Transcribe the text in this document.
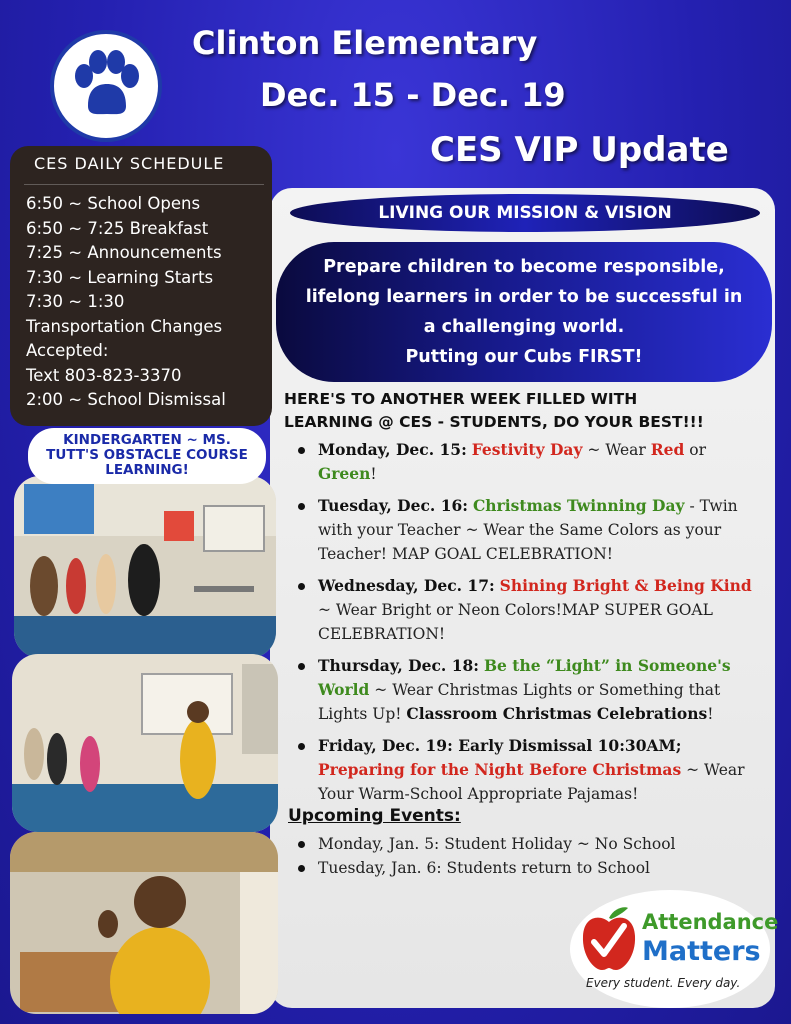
Clinton Elementary
Dec. 15 - Dec. 19
CES VIP Update
LIVING OUR MISSION & VISION
Prepare children to become responsible,
lifelong learners in order to be successful in
a challenging world.
Putting our Cubs FIRST!
HERE'S TO ANOTHER WEEK FILLED WITH
LEARNING @ CES - STUDENTS, DO YOUR BEST!!!
Monday, Dec. 15: Festivity Day ~ Wear Red or Green!
Tuesday, Dec. 16: Christmas Twinning Day - Twin with your Teacher ~ Wear the Same Colors as your Teacher! MAP GOAL CELEBRATION!
Wednesday, Dec. 17: Shining Bright & Being Kind ~ Wear Bright or Neon Colors!MAP SUPER GOAL CELEBRATION!
Thursday, Dec. 18: Be the “Light” in Someone's World ~ Wear Christmas Lights or Something that Lights Up! Classroom Christmas Celebrations!
Friday, Dec. 19: Early Dismissal 10:30AM; Preparing for the Night Before Christmas ~ Wear Your Warm-School Appropriate Pajamas!
Upcoming Events:
Monday, Jan. 5: Student Holiday ~ No School
Tuesday, Jan. 6: Students return to School
Attendance
Matters
Every student. Every day.
CES DAILY SCHEDULE
6:50 ~ School Opens
6:50 ~ 7:25 Breakfast
7:25 ~ Announcements
7:30 ~ Learning Starts
7:30 ~ 1:30
Transportation Changes
Accepted:
Text 803-823-3370
2:00 ~ School Dismissal
KINDERGARTEN ~ MS.
TUTT'S OBSTACLE COURSE
LEARNING!
